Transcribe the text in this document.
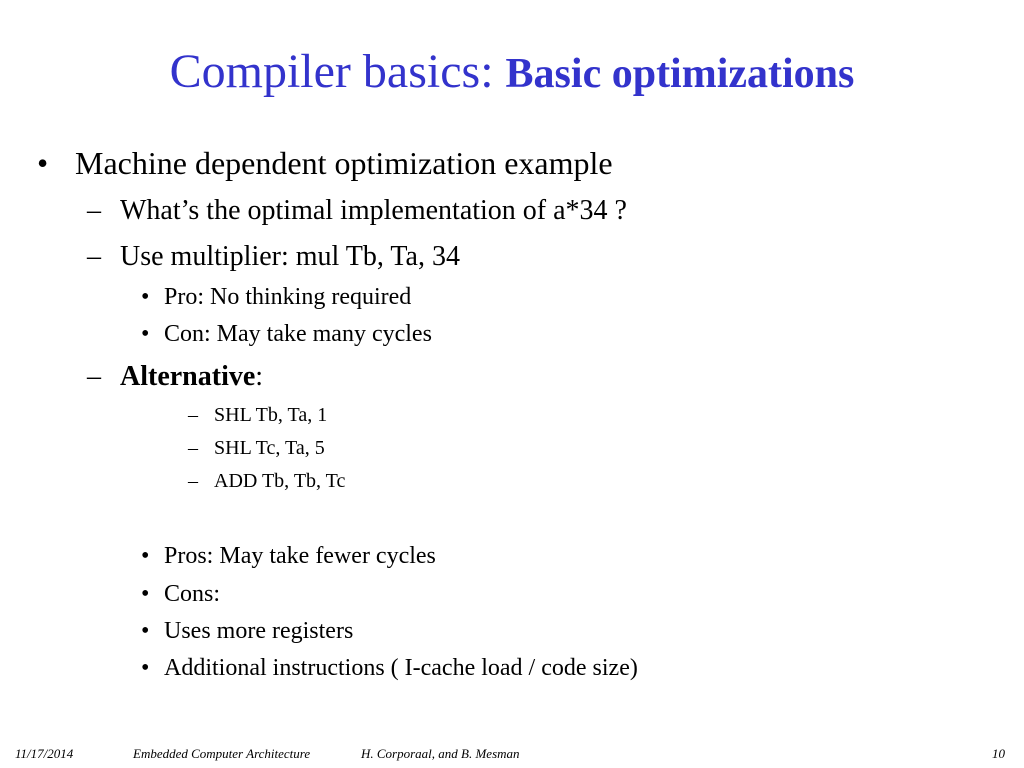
Compiler basics: Basic optimizations
• Machine dependent optimization example
– What’s the optimal implementation of a*34 ?
– Use multiplier: mul Tb, Ta, 34
• Pro: No thinking required
• Con: May take many cycles
– Alternative:
– SHL Tb, Ta, 1
– SHL Tc, Ta, 5
– ADD Tb, Tb, Tc
• Pros: May take fewer cycles
• Cons:
• Uses more registers
• Additional instructions ( I-cache load / code size)
11/17/2014	Embedded Computer Architecture	H. Corporaal, and B. Mesman	10
